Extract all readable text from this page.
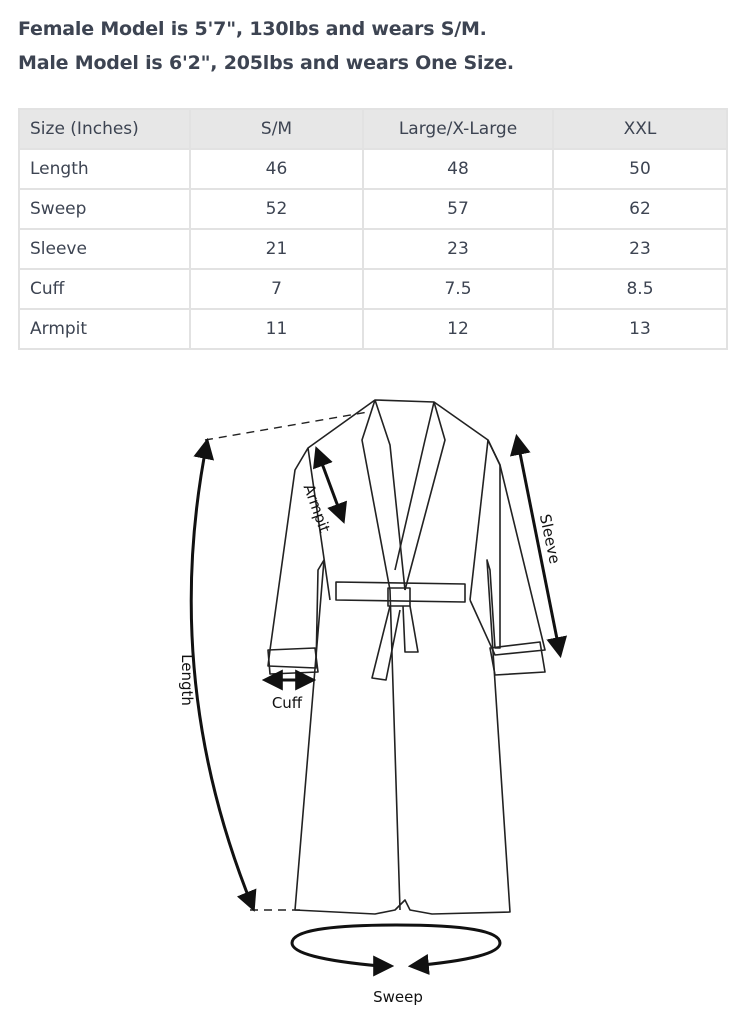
Female Model is 5'7", 130lbs and wears S/M.

Male Model is 6'2", 205lbs and wears One Size.

Size (Inches)	S/M	Large/X-Large	XXL
Length	46	48	50
Sweep	52	57	62
Sleeve	21	23	23
Cuff	7	7.5	8.5
Armpit	11	12	13
Length
Armpit
Sleeve
Cuff
Sweep
